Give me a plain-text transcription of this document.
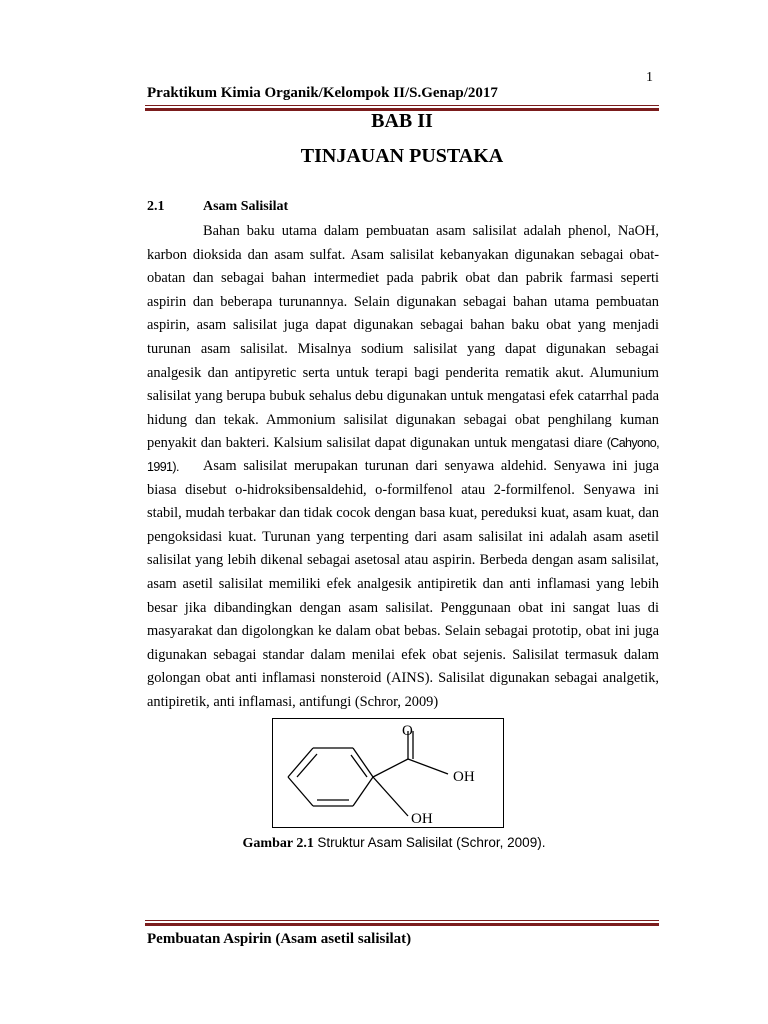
1
Praktikum Kimia Organik/Kelompok II/S.Genap/2017
BAB II
TINJAUAN PUSTAKA
2.1	Asam Salisilat

Bahan baku utama dalam pembuatan asam salisilat adalah phenol, NaOH, karbon dioksida dan asam sulfat. Asam salisilat kebanyakan digunakan sebagai obat-obatan dan sebagai bahan intermediet pada pabrik obat dan pabrik farmasi seperti aspirin dan beberapa turunannya. Selain digunakan sebagai bahan utama pembuatan aspirin, asam salisilat juga dapat digunakan sebagai bahan baku obat yang menjadi turunan asam salisilat. Misalnya sodium salisilat yang dapat digunakan sebagai analgesik dan antipyretic serta untuk terapi bagi penderita rematik akut. Alumunium salisilat yang berupa bubuk sehalus debu digunakan untuk mengatasi efek catarrhal pada hidung dan tekak. Ammonium salisilat digunakan sebagai obat penghilang kuman penyakit dan bakteri. Kalsium salisilat dapat digunakan untuk mengatasi diare (Cahyono, 1991).	Asam salisilat merupakan turunan dari senyawa aldehid. Senyawa ini juga biasa disebut o-hidroksibensaldehid, o-formilfenol atau 2-formilfenol. Senyawa ini stabil, mudah terbakar dan tidak cocok dengan basa kuat, pereduksi kuat, asam kuat, dan pengoksidasi kuat. Turunan yang terpenting dari asam salisilat ini adalah asam asetil salisilat yang lebih dikenal sebagai asetosal atau aspirin. Berbeda dengan asam salisilat, asam asetil salisilat memiliki efek analgesik antipiretik dan anti inflamasi yang lebih besar jika dibandingkan dengan asam salisilat. Penggunaan obat ini sangat luas di masyarakat dan digolongkan ke dalam obat bebas. Selain sebagai prototip, obat ini juga digunakan sebagai standar dalam menilai efek obat sejenis. Salisilat termasuk dalam golongan obat anti inflamasi nonsteroid (AINS). Salisilat digunakan sebagai analgetik, antipiretik, anti inflamasi, antifungi (Schror, 2009)

O
OH
OH
Gambar 2.1 Struktur Asam Salisilat (Schror, 2009).
Pembuatan Aspirin (Asam asetil salisilat)
